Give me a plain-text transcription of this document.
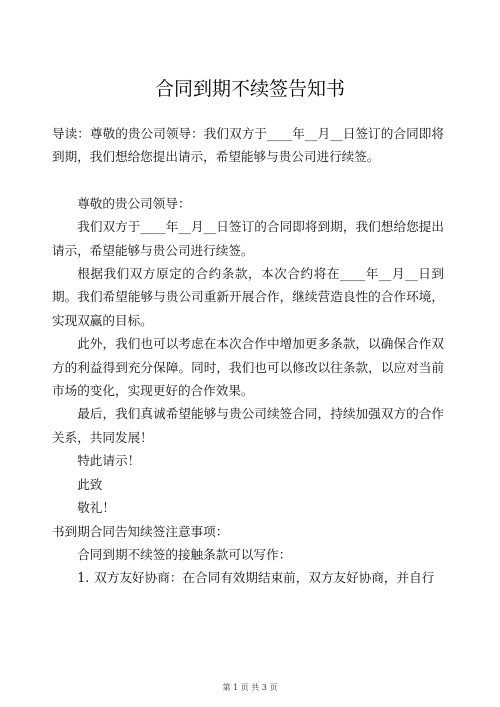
合同到期不续签告知书

导读：尊敬的贵公司领导：我们双方于____年__月__日签订的合同即将到期，我们想给您提出请示，希望能够与贵公司进行续签。

尊敬的贵公司领导：

我们双方于____年__月__日签订的合同即将到期，我们想给您提出请示，希望能够与贵公司进行续签。

根据我们双方原定的合约条款，本次合约将在____年__月__日到期。我们希望能够与贵公司重新开展合作，继续营造良性的合作环境，实现双赢的目标。

此外，我们也可以考虑在本次合作中增加更多条款，以确保合作双方的利益得到充分保障。同时，我们也可以修改以往条款，以应对当前市场的变化，实现更好的合作效果。

最后，我们真诚希望能够与贵公司续签合同，持续加强双方的合作关系，共同发展！

特此请示！

此致

敬礼！

书到期合同告知续签注意事项：

合同到期不续签的接触条款可以写作：

1. 双方友好协商：在合同有效期结束前，双方友好协商，并自行
第 1 页 共 3 页
